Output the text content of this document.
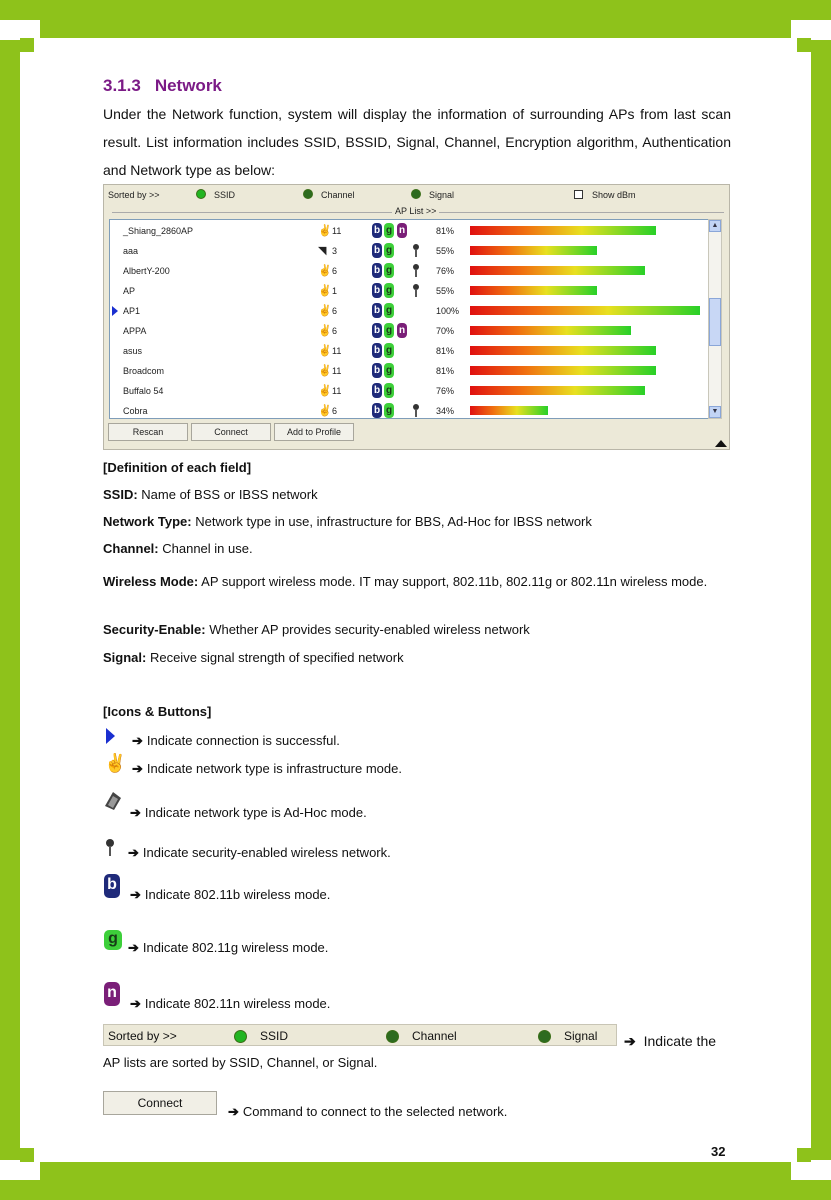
3.1.3 Network
Under the Network function, system will display the information of surrounding APs from last scan result. List information includes SSID, BSSID, Signal, Channel, Encryption algorithm, Authentication and Network type as below:
Sorted by >>	SSID	Channel	Signal	Show dBm
AP List >>
_Shiang_2860AP	✌ 11	b g n	81%
aaa	◥ 3	b g	55%
AlbertY-200	✌ 6	b g	76%
AP	✌ 1	b g	55%
AP1	✌ 6	b g	100%
APPA	✌ 6	b g n	70%
asus	✌ 11	b g	81%
Broadcom	✌ 11	b g	81%
Buffalo 54	✌ 11	b g	76%
Cobra	✌ 6	b g	34%
▲
▼
Rescan	Connect	Add to Profile
[Definition of each field]
SSID: Name of BSS or IBSS network
Network Type: Network type in use, infrastructure for BBS, Ad-Hoc for IBSS network
Channel: Channel in use.
Wireless Mode: AP support wireless mode. IT may support, 802.11b, 802.11g or 802.11n wireless mode.
Security-Enable: Whether AP provides security-enabled wireless network
Signal: Receive signal strength of specified network
[Icons & Buttons]
➔ Indicate connection is successful.
✌ ➔ Indicate network type is infrastructure mode.
➔ Indicate network type is Ad-Hoc mode.
➔ Indicate security-enabled wireless network.
b
➔ Indicate 802.11b wireless mode.
g
➔ Indicate 802.11g wireless mode.
n
➔ Indicate 802.11n wireless mode.
Sorted by >>	SSID	Channel	Signal ➔ Indicate the
AP lists are sorted by SSID, Channel, or Signal.
Connect
➔ Command to connect to the selected network.
32
